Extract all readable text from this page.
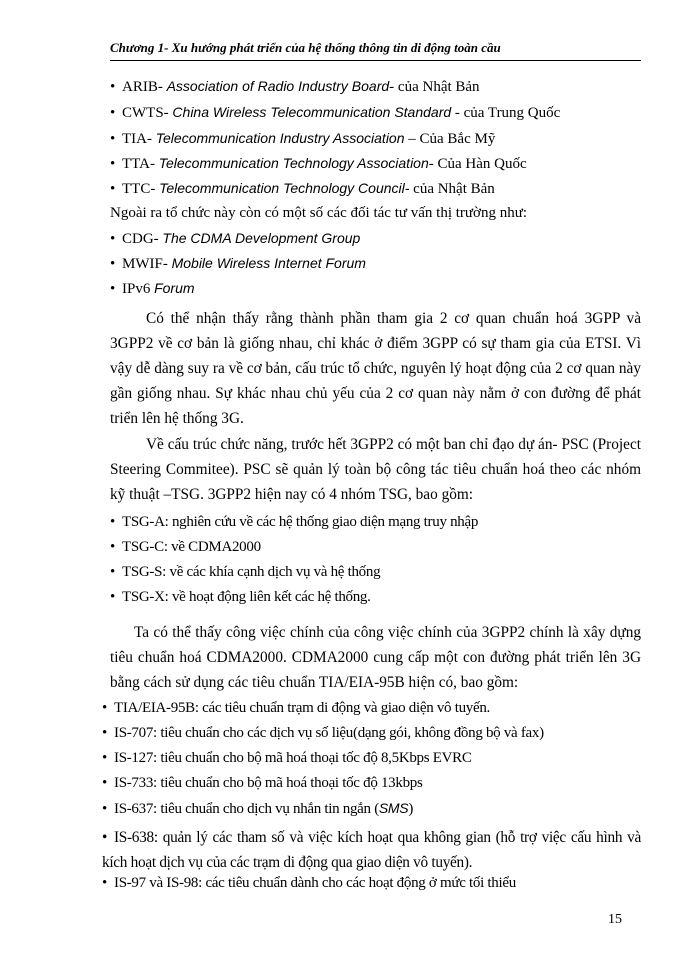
Chương 1- Xu hướng phát triển của hệ thống thông tin di động toàn cầu
• ARIB- Association of Radio Industry Board- của Nhật Bản
• CWTS- China Wireless Telecommunication Standard - của Trung Quốc
• TIA- Telecommunication Industry Association – Của Bắc Mỹ
• TTA- Telecommunication Technology Association- Của Hàn Quốc
• TTC- Telecommunication Technology Council- của Nhật Bản
Ngoài ra tổ chức này còn có một số các đối tác tư vấn thị trường như:
• CDG- The CDMA Development Group
• MWIF- Mobile Wireless Internet Forum
• IPv6 Forum
Có thể nhận thấy rằng thành phần tham gia 2 cơ quan chuẩn hoá 3GPP và 3GPP2 về cơ bản là giống nhau, chỉ khác ở điểm 3GPP có sự tham gia của ETSI. Vì vậy dễ dàng suy ra về cơ bản, cấu trúc tổ chức, nguyên lý hoạt động của 2 cơ quan này gần giống nhau. Sự khác nhau chủ yếu của 2 cơ quan này nằm ở con đường để phát triển lên hệ thống 3G.
Về cấu trúc chức năng, trước hết 3GPP2 có một ban chỉ đạo dự án- PSC (Project Steering Commitee). PSC sẽ quản lý toàn bộ công tác tiêu chuẩn hoá theo các nhóm kỹ thuật –TSG. 3GPP2 hiện nay có 4 nhóm TSG, bao gồm:
• TSG-A: nghiên cứu về các hệ thống giao diện mạng truy nhập
• TSG-C: về CDMA2000
• TSG-S: về các khía cạnh dịch vụ và hệ thống
• TSG-X: về hoạt động liên kết các hệ thống.
Ta có thể thấy công việc chính của công việc chính của 3GPP2 chính là xây dựng tiêu chuẩn hoá CDMA2000. CDMA2000 cung cấp một con đường phát triển lên 3G bằng cách sử dụng các tiêu chuẩn TIA/EIA-95B hiện có, bao gồm:
• TIA/EIA-95B: các tiêu chuẩn trạm di động và giao diện vô tuyến.
• IS-707: tiêu chuẩn cho các dịch vụ số liệu(dạng gói, không đồng bộ và fax)
• IS-127: tiêu chuẩn cho bộ mã hoá thoại tốc độ 8,5Kbps EVRC
• IS-733: tiêu chuẩn cho bộ mã hoá thoại tốc độ 13kbps
• IS-637: tiêu chuẩn cho dịch vụ nhắn tin ngắn (SMS)
• IS-638: quản lý các tham số và việc kích hoạt qua không gian (hỗ trợ việc cấu hình và kích hoạt dịch vụ của các trạm di động qua giao diện vô tuyến).
• IS-97 và IS-98: các tiêu chuẩn dành cho các hoạt động ở mức tối thiểu
15
